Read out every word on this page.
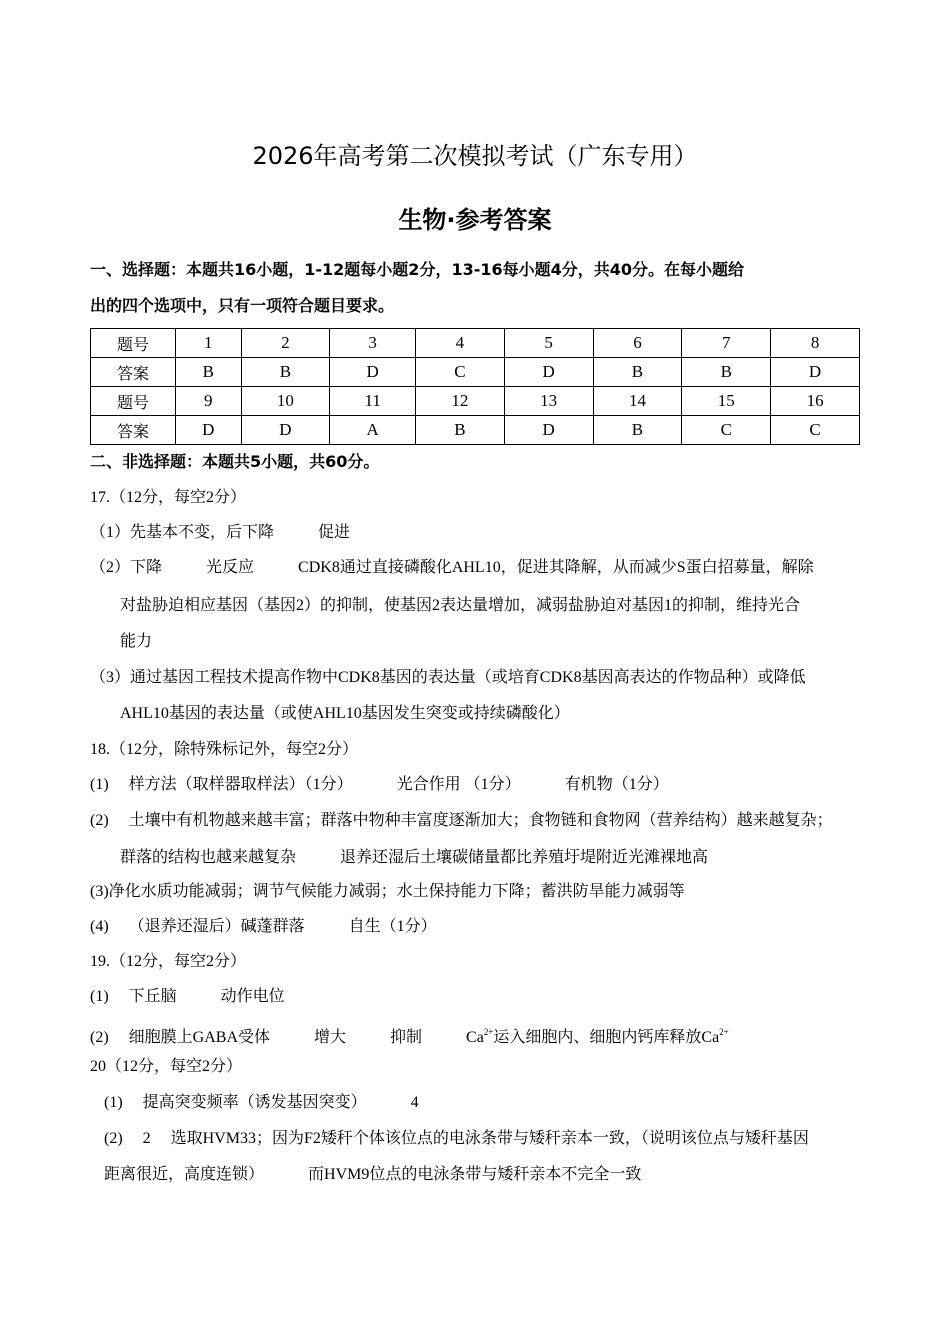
2026年高考第二次模拟考试（广东专用）
生物·参考答案
一、选择题：本题共16小题，1-12题每小题2分，13-16每小题4分，共40分。在每小题给
出的四个选项中，只有一项符合题目要求。
题号	1	2	3	4	5	6	7	8
答案	B	B	D	C	D	B	B	D
题号	9	10	11	12	13	14	15	16
答案	D	D	A	B	D	B	C	C
二、非选择题：本题共5小题，共60分。
17.（12分，每空2分）
（1）先基本不变，后下降	促进
（2）下降	光反应	CDK8通过直接磷酸化AHL10，促进其降解，从而减少S蛋白招募量，解除
对盐胁迫相应基因（基因2）的抑制，使基因2表达量增加，减弱盐胁迫对基因1的抑制，维持光合
能力
（3）通过基因工程技术提高作物中CDK8基因的表达量（或培育CDK8基因高表达的作物品种）或降低
AHL10基因的表达量（或使AHL10基因发生突变或持续磷酸化）
18.（12分，除特殊标记外，每空2分）
(1) 样方法（取样器取样法）（1分）	光合作用 （1分）	有机物（1分）
(2) 土壤中有机物越来越丰富；群落中物种丰富度逐渐加大；食物链和食物网（营养结构）越来越复杂；
群落的结构也越来越复杂	退养还湿后土壤碳储量都比养殖圩堤附近光滩裸地高
(3)净化水质功能减弱；调节气候能力减弱；水土保持能力下降；蓄洪防旱能力减弱等
(4) （退养还湿后）碱蓬群落	自生（1分）
19.（12分，每空2分）
(1) 下丘脑	动作电位
(2) 细胞膜上GABA受体	增大	抑制	$Ca^{2+}$运入细胞内、细胞内钙库释放$Ca^{2+}$
20（12分，每空2分）
(1) 提高突变频率（诱发基因突变）	4
(2) 2 选取HVM33；因为F2矮秆个体该位点的电泳条带与矮秆亲本一致，（说明该位点与矮秆基因
距离很近，高度连锁）	而HVM9位点的电泳条带与矮秆亲本不完全一致
